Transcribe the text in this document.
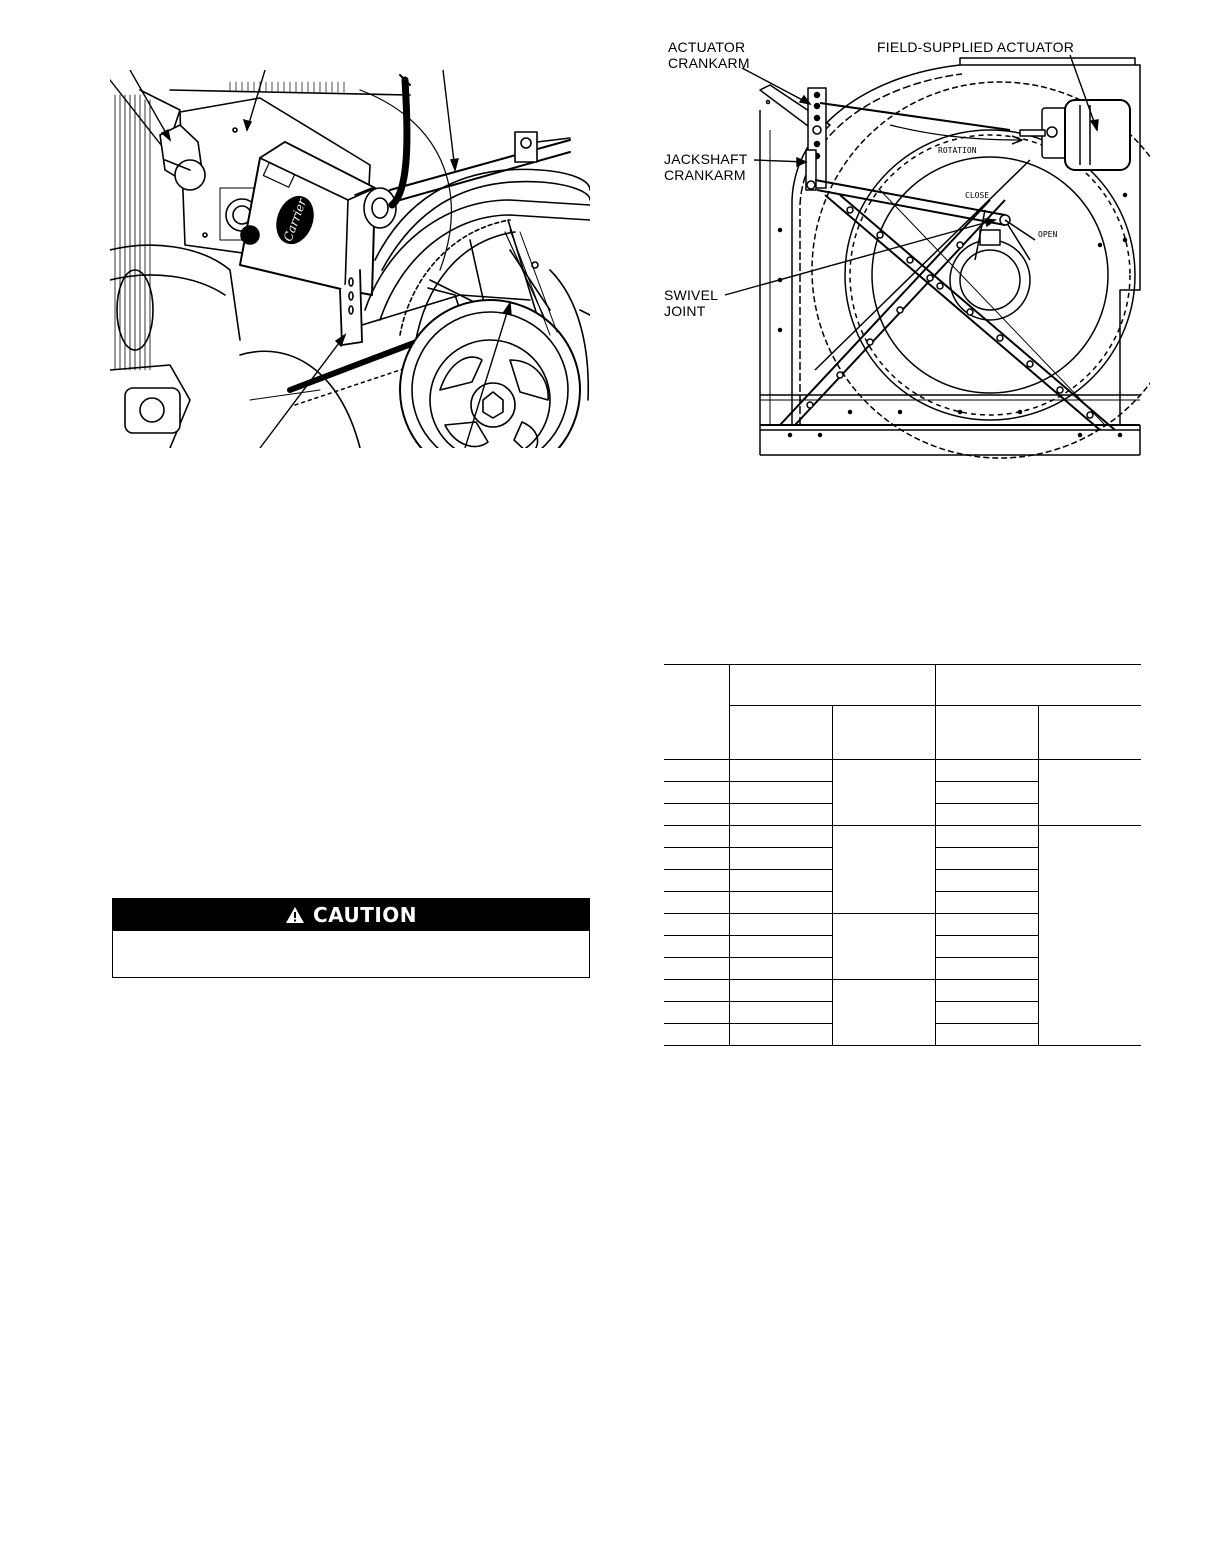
Carrier
ROTATION
CLOSE
OPEN
ACTUATOR
CRANKARM
FIELD-SUPPLIED ACTUATOR
JACKSHAFT
CRANKARM
SWIVEL
JOINT
CAUTION
